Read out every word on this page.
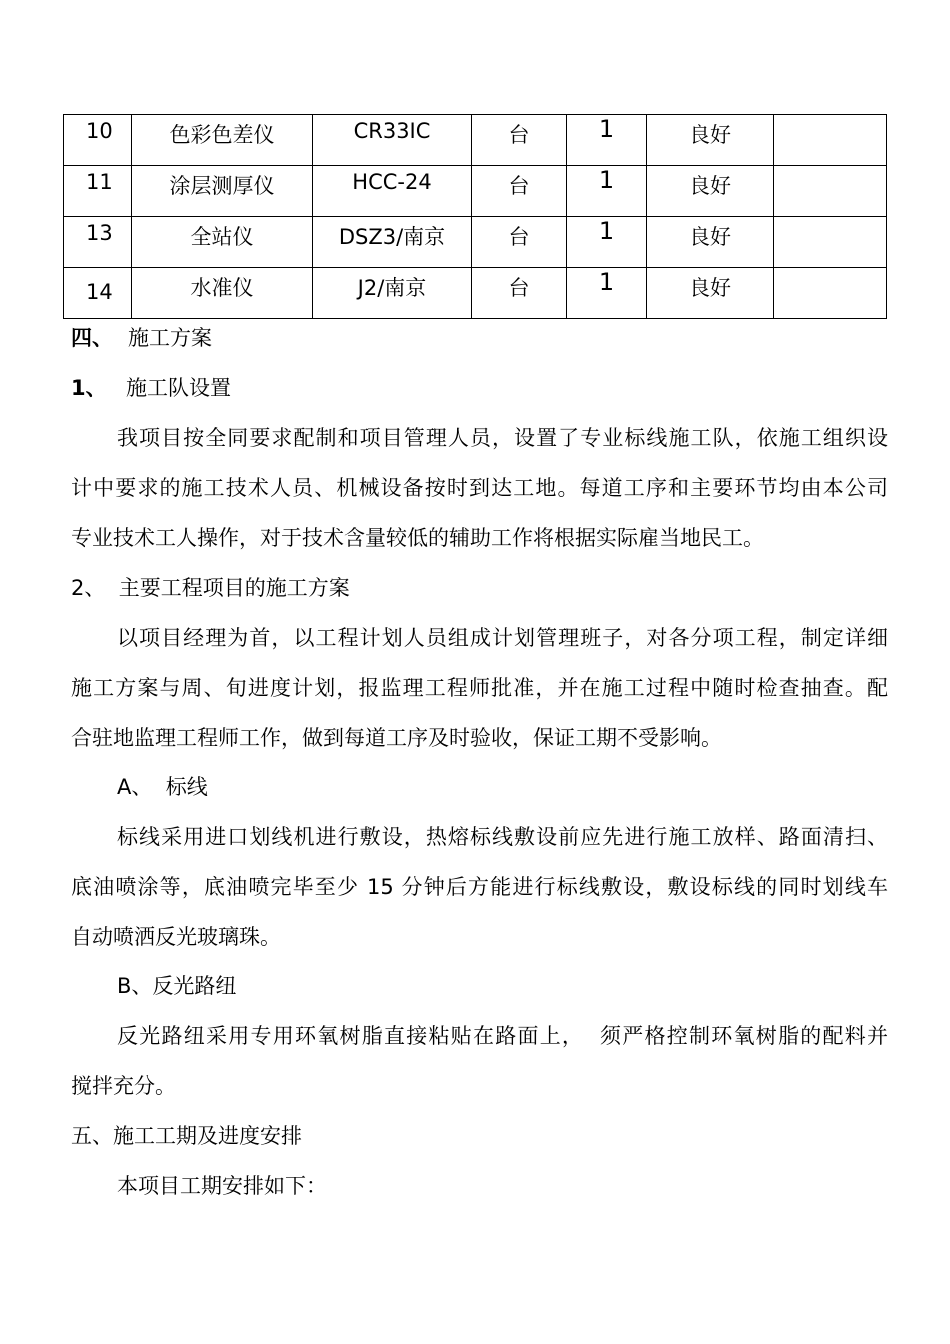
10	色彩色差仪	CR33IC	台	1	良好	

11	涂层测厚仪	HCC-24	台	1	良好	

13	全站仪	DSZ3/南京	台	1	良好	

14	水准仪	J2/南京	台	1	良好	

四、 施工方案
1、 施工队设置
我项目按全同要求配制和项目管理人员，设置了专业标线施工队，依施工组织设
计中要求的施工技术人员、机械设备按时到达工地。每道工序和主要环节均由本公司
专业技术工人操作，对于技术含量较低的辅助工作将根据实际雇当地民工。
2、  主要工程项目的施工方案
以项目经理为首，以工程计划人员组成计划管理班子，对各分项工程，制定详细
施工方案与周、旬进度计划，报监理工程师批准，并在施工过程中随时检查抽查。配
合驻地监理工程师工作，做到每道工序及时验收，保证工期不受影响。
A、  标线
标线采用进口划线机进行敷设，热熔标线敷设前应先进行施工放样、路面清扫、
底油喷涂等，底油喷完毕至少 15 分钟后方能进行标线敷设，敷设标线的同时划线车
自动喷洒反光玻璃珠。
B、反光路纽
反光路纽采用专用环氧树脂直接粘贴在路面上，  须严格控制环氧树脂的配料并
搅拌充分。
五、施工工期及进度安排
本项目工期安排如下：
